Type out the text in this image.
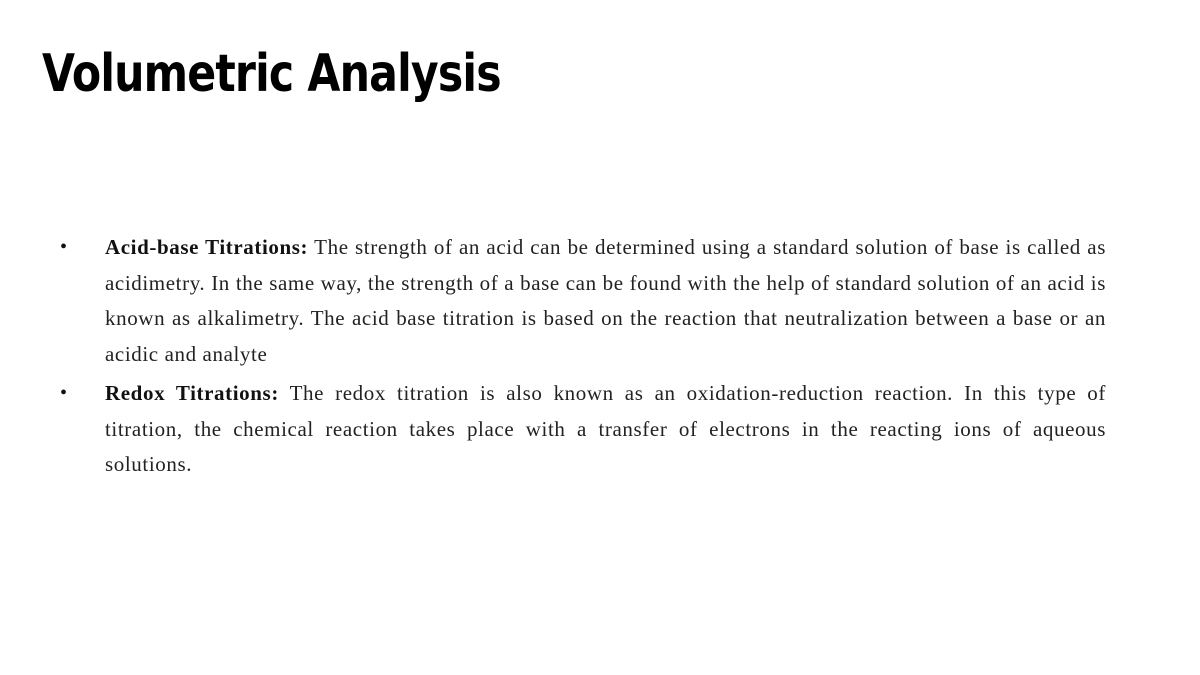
Volumetric Analysis
• Acid-base Titrations: The strength of an acid can be determined using a standard solution of base is called as acidimetry. In the same way, the strength of a base can be found with the help of standard solution of an acid is known as alkalimetry. The acid base titration is based on the reaction that neutralization between a base or an acidic and analyte

• Redox Titrations: The redox titration is also known as an oxidation-reduction reaction. In this type of titration, the chemical reaction takes place with a transfer of electrons in the reacting ions of aqueous solutions.
